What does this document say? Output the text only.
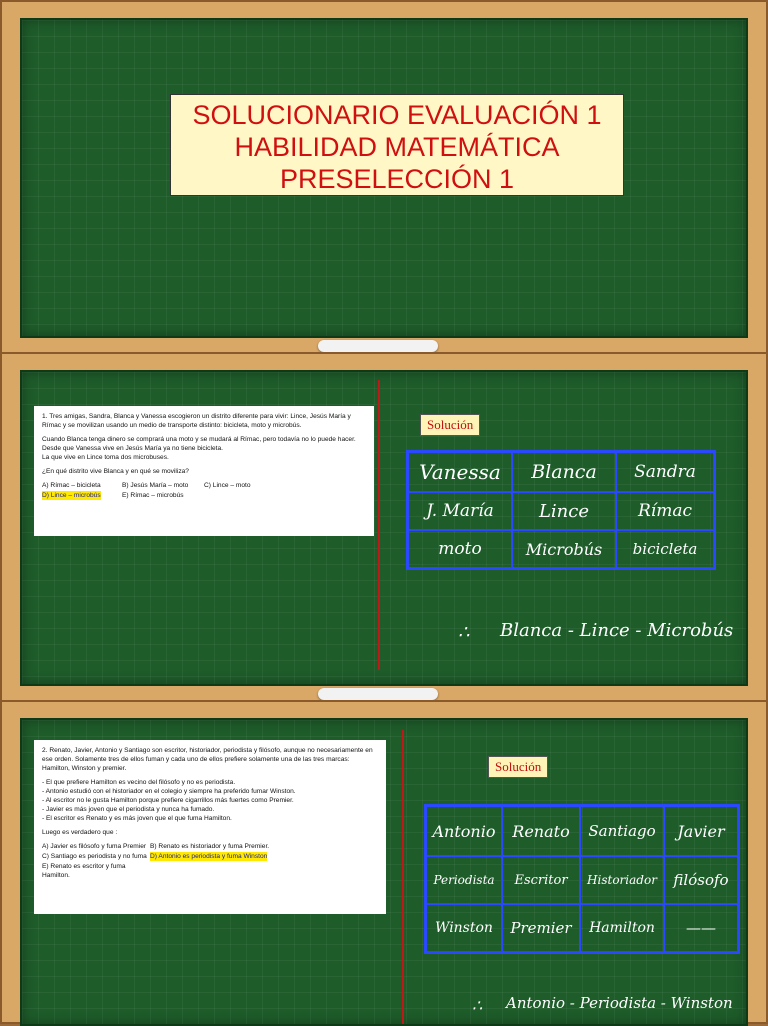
SOLUCIONARIO EVALUACIÓN 1
HABILIDAD MATEMÁTICA
PRESELECCIÓN 1

1. Tres amigas, Sandra, Blanca y Vanessa escogieron un distrito diferente para vivir: Lince, Jesús María y Rímac y se movilizan usando un medio de transporte distinto: bicicleta, moto y microbús.

Cuando Blanca tenga dinero se comprará una moto y se mudará al Rímac, pero todavía no lo puede hacer.
Desde que Vanessa vive en Jesús María ya no tiene bicicleta.

La que vive en Lince toma dos microbuses.

¿En qué distrito vive Blanca y en qué se moviliza?

A) Rímac – bicicleta	B) Jesús María – moto	C) Lince – moto
D) Lince – microbús	E) Rímac – microbús
Solución
Vanessa	Blanca	Sandra
J. María	Lince	Rímac
moto	Microbús	bicicleta
∴ Blanca - Lince - Microbús

2. Renato, Javier, Antonio y Santiago son escritor, historiador, periodista y filósofo, aunque no necesariamente en ese orden. Solamente tres de ellos fuman y cada uno de ellos prefiere solamente una de las tres marcas: Hamilton, Winston y premier.

- El que prefiere Hamilton es vecino del filósofo y no es periodista.
- Antonio estudió con el historiador en el colegio y siempre ha preferido fumar Winston.
- Al escritor no le gusta Hamilton porque prefiere cigarrillos más fuertes como Premier.
- Javier es más joven que el periodista y nunca ha fumado.

- El escritor es Renato y es más joven que el que fuma Hamilton.

Luego es verdadero que :

A) Javier es filósofo y fuma Premier B) Renato es historiador y fuma Premier.
C) Santiago es periodista y no fuma D) Antonio es periodista y fuma Winston
E) Renato es escritor y fuma Hamilton.
Solución
Antonio	Renato	Santiago	Javier
Periodista	Escritor	Historiador	filósofo
Winston	Premier	Hamilton	——
∴ Antonio - Periodista - Winston
